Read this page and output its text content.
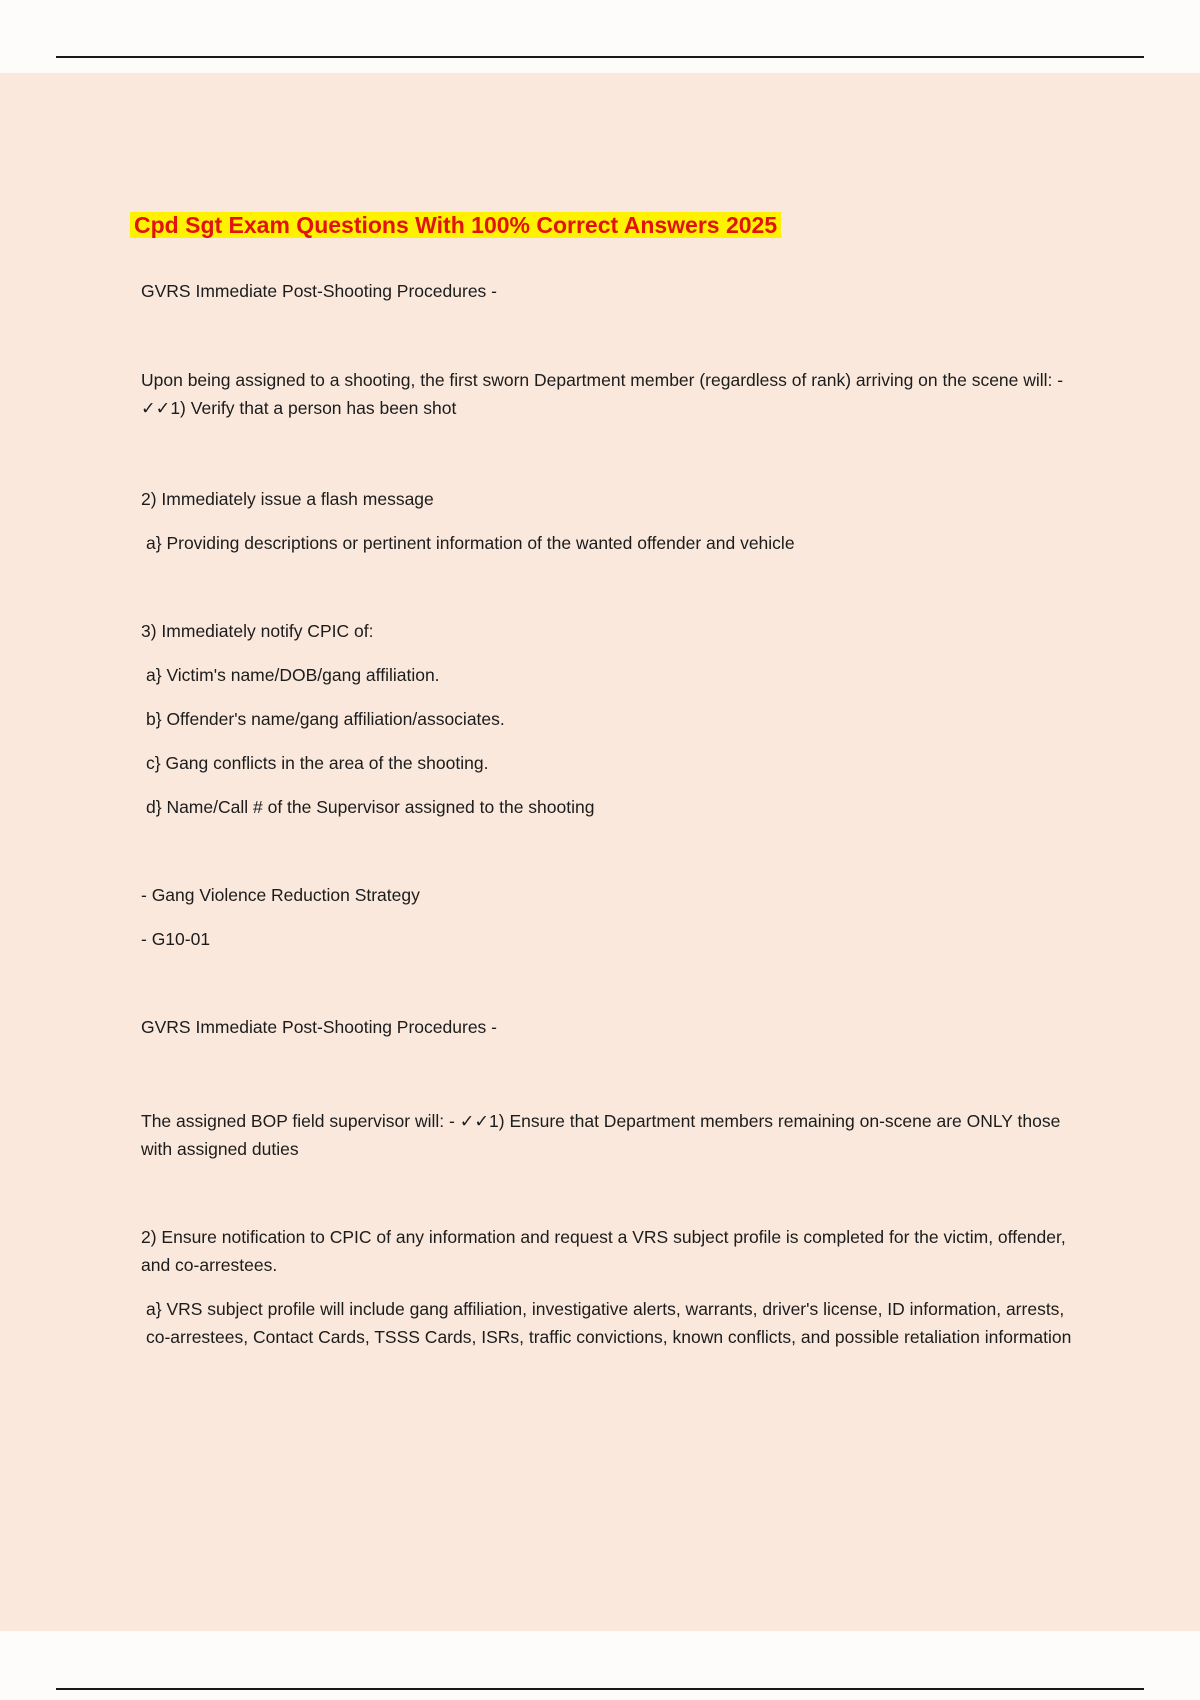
Cpd Sgt Exam Questions With 100% Correct Answers 2025

GVRS Immediate Post-Shooting Procedures -

Upon being assigned to a shooting, the first sworn Department member (regardless of rank) arriving on the scene will: - ✓✓1) Verify that a person has been shot

2) Immediately issue a flash message

a} Providing descriptions or pertinent information of the wanted offender and vehicle

3) Immediately notify CPIC of:

a} Victim's name/DOB/gang affiliation.

b} Offender's name/gang affiliation/associates.

c} Gang conflicts in the area of the shooting.

d} Name/Call # of the Supervisor assigned to the shooting

- Gang Violence Reduction Strategy

- G10-01

GVRS Immediate Post-Shooting Procedures -

The assigned BOP field supervisor will: - ✓✓1) Ensure that Department members remaining on-scene are ONLY those with assigned duties

2) Ensure notification to CPIC of any information and request a VRS subject profile is completed for the victim, offender, and co-arrestees.

a} VRS subject profile will include gang affiliation, investigative alerts, warrants, driver's license, ID information, arrests, co-arrestees, Contact Cards, TSSS Cards, ISRs, traffic convictions, known conflicts, and possible retaliation information
